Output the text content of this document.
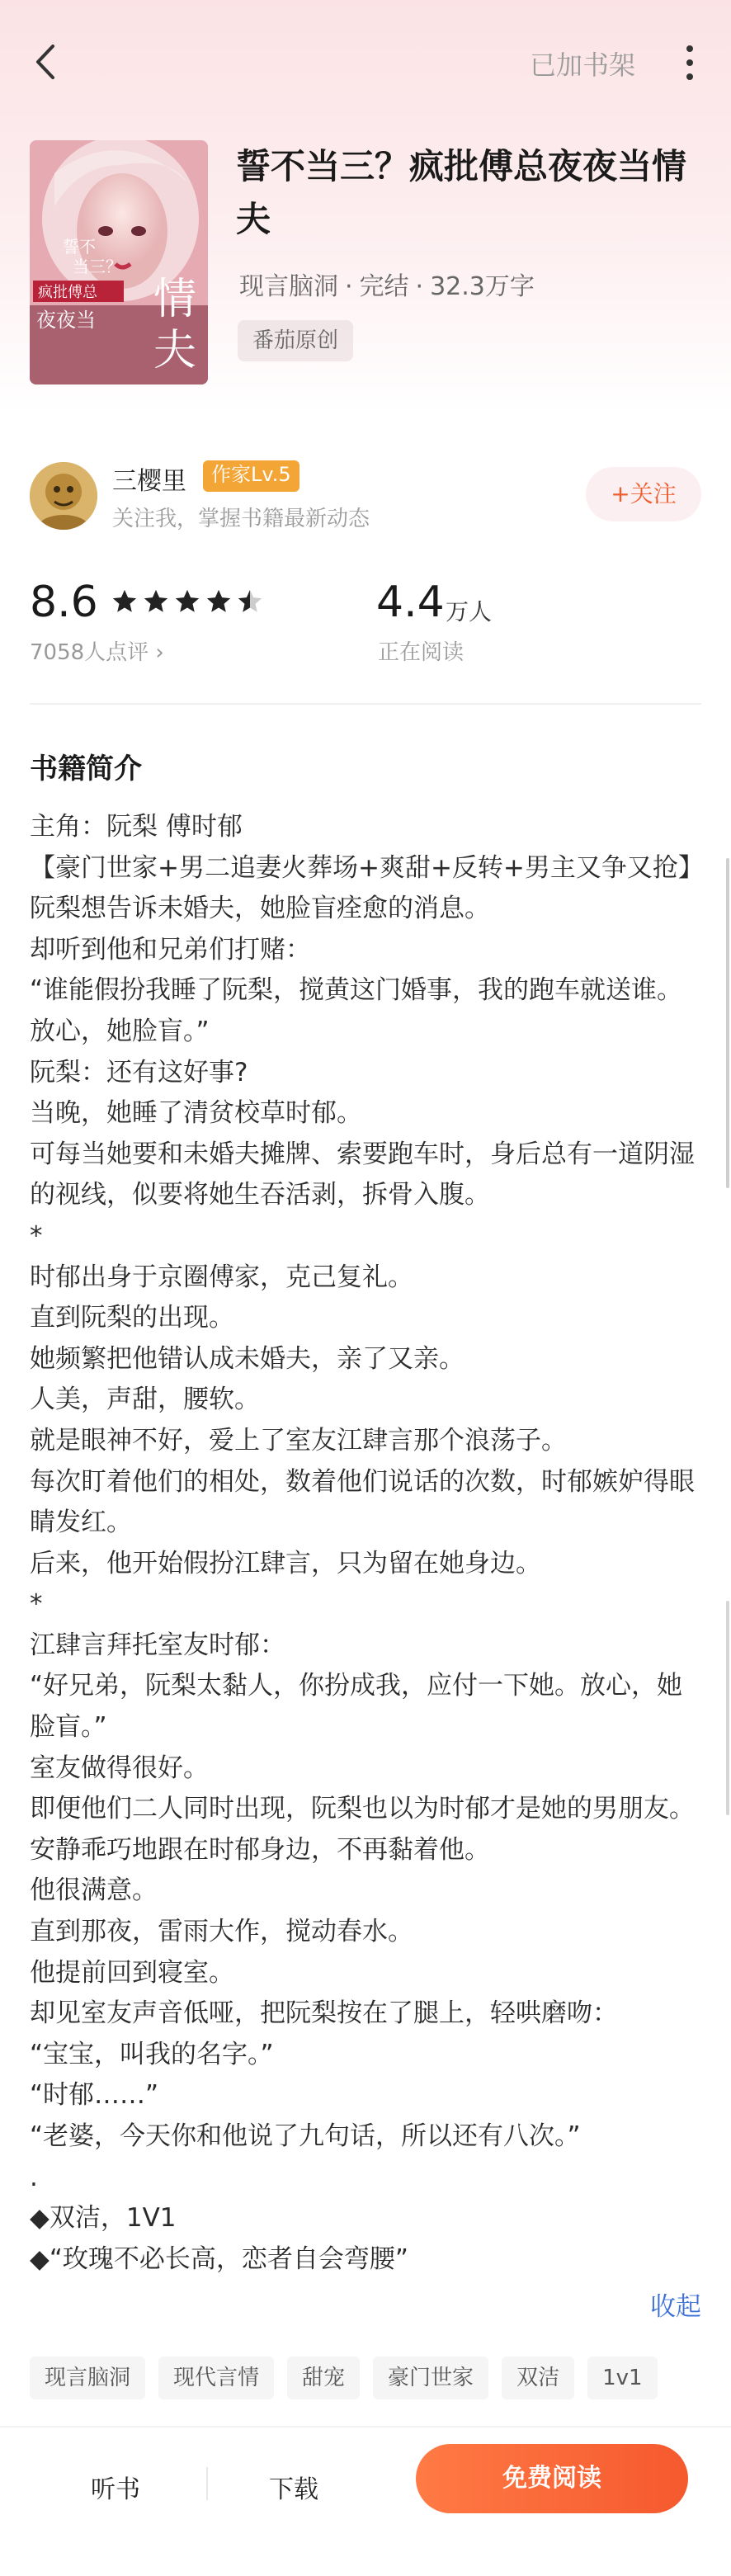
已加书架
誓不
当三？
疯批傅总
夜夜当 情
夫
誓不当三？疯批傅总夜夜当情夫
现言脑洞 · 完结 · 32.3万字
番茄原创
三樱里	作家Lv.5
关注我，掌握书籍最新动态
+关注
8.6
7058人点评 ›
4.4 万人
正在阅读
书籍简介

主角：阮梨 傅时郁

【豪门世家+男二追妻火葬场+爽甜+反转+男主又争又抢】

阮梨想告诉未婚夫，她脸盲痊愈的消息。

却听到他和兄弟们打赌：

“谁能假扮我睡了阮梨，搅黄这门婚事，我的跑车就送谁。放心，她脸盲。”

阮梨：还有这好事?

当晚，她睡了清贫校草时郁。

可每当她要和未婚夫摊牌、索要跑车时，身后总有一道阴湿的视线，似要将她生吞活剥，拆骨入腹。

*

时郁出身于京圈傅家，克己复礼。

直到阮梨的出现。

她频繁把他错认成未婚夫，亲了又亲。

人美，声甜，腰软。

就是眼神不好，爱上了室友江肆言那个浪荡子。

每次盯着他们的相处，数着他们说话的次数，时郁嫉妒得眼睛发红。

后来，他开始假扮江肆言，只为留在她身边。

*

江肆言拜托室友时郁：

“好兄弟，阮梨太黏人，你扮成我，应付一下她。放心，她脸盲。”

室友做得很好。

即便他们二人同时出现，阮梨也以为时郁才是她的男朋友。

安静乖巧地跟在时郁身边，不再黏着他。

他很满意。

直到那夜，雷雨大作，搅动春水。

他提前回到寝室。

却见室友声音低哑，把阮梨按在了腿上，轻哄磨吻：

“宝宝，叫我的名字。”

“时郁……”

“老婆，今天你和他说了九句话，所以还有八次。”

.

◆双洁，1V1

◆“玫瑰不必长高，恋者自会弯腰”

收起
现言脑洞	现代言情	甜宠	豪门世家	双洁	1v1
听书	下载	免费阅读
